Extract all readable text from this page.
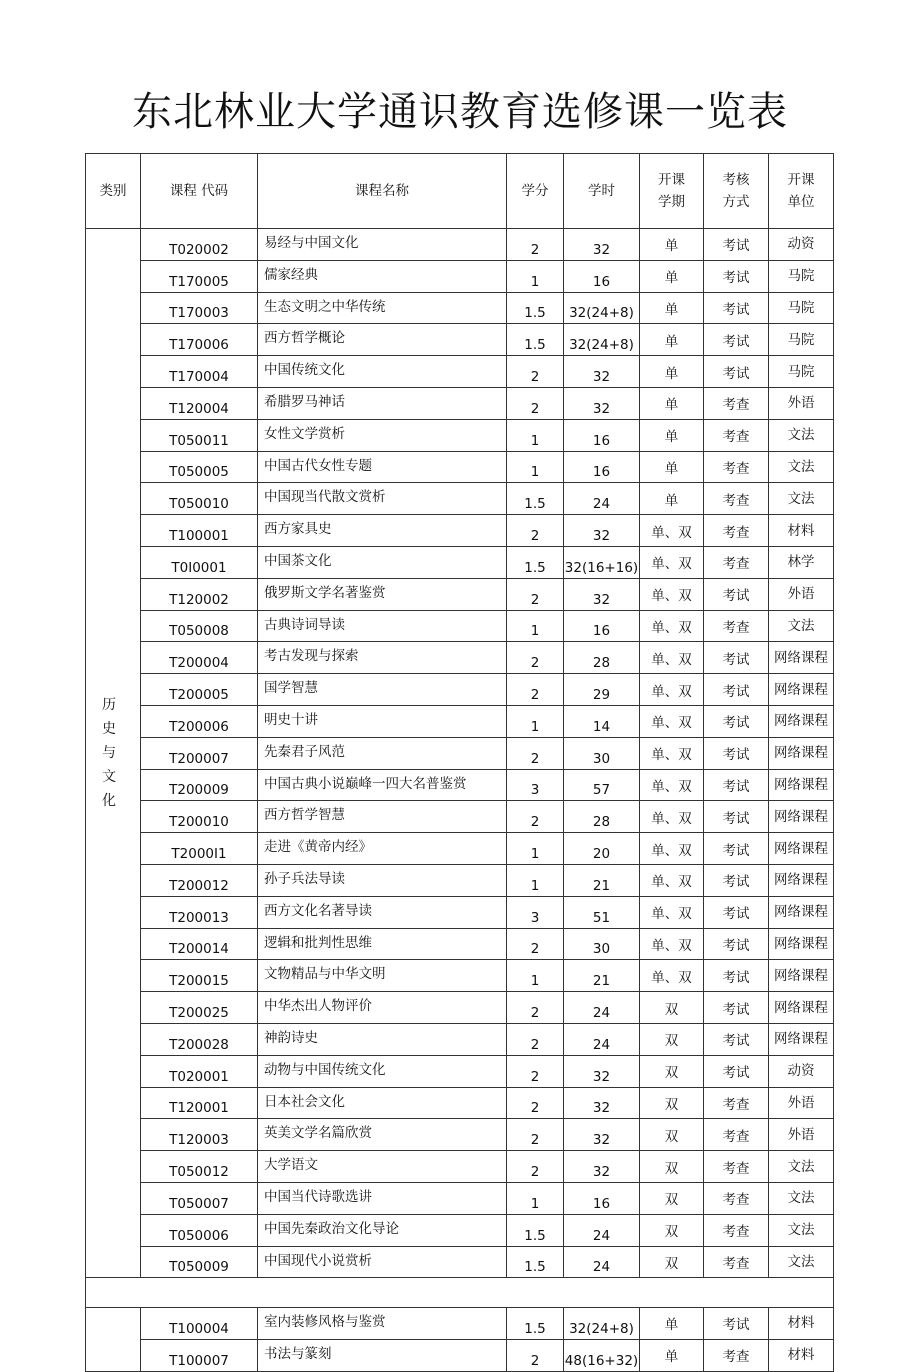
东北林业大学通识教育选修课一览表
类别	课程 代码	课程名称	学分	学时	开课学期	考核方式	开课单位
历 史 与 文 化	T020002	易经与中国文化	2	32	单	考试	动资
	T170005	儒家经典	1	16	单	考试	马院
	T170003	生态文明之中华传统	1.5	32(24+8)	单	考试	马院
	T170006	西方哲学概论	1.5	32(24+8)	单	考试	马院
	T170004	中国传统文化	2	32	单	考试	马院
	T120004	希腊罗马神话	2	32	单	考查	外语
	T050011	女性文学赏析	1	16	单	考查	文法
	T050005	中国古代女性专题	1	16	单	考查	文法
	T050010	中国现当代散文赏析	1.5	24	单	考查	文法
	T100001	西方家具史	2	32	单、双	考查	材料
	T0I0001	中国茶文化	1.5	32(16+16)	单、双	考查	林学
	T120002	俄罗斯文学名著鉴赏	2	32	单、双	考试	外语
	T050008	古典诗词导读	1	16	单、双	考查	文法
	T200004	考古发现与探索	2	28	单、双	考试	网络课程
	T200005	国学智慧	2	29	单、双	考试	网络课程
	T200006	明史十讲	1	14	单、双	考试	网络课程
	T200007	先秦君子风范	2	30	单、双	考试	网络课程
	T200009	中国古典小说巅峰一四大名普鉴赏	3	57	单、双	考试	网络课程
	T200010	西方哲学智慧	2	28	单、双	考试	网络课程
	T2000I1	走进《黄帝内经》	1	20	单、双	考试	网络课程
	T200012	孙子兵法导读	1	21	单、双	考试	网络课程
	T200013	西方文化名著导读	3	51	单、双	考试	网络课程
	T200014	逻辑和批判性思维	2	30	单、双	考试	网络课程
	T200015	文物精品与中华文明	1	21	单、双	考试	网络课程
	T200025	中华杰出人物评价	2	24	双	考试	网络课程
	T200028	神韵诗史	2	24	双	考试	网络课程
	T020001	动物与中国传统文化	2	32	双	考试	动资
	T120001	日本社会文化	2	32	双	考查	外语
	T120003	英美文学名篇欣赏	2	32	双	考查	外语
	T050012	大学语文	2	32	双	考查	文法
	T050007	中国当代诗歌选讲	1	16	双	考查	文法
	T050006	中国先秦政治文化导论	1.5	24	双	考查	文法
	T050009	中国现代小说赏析	1.5	24	双	考查	文法

	T100004	室内装修风格与鉴赏	1.5	32(24+8)	单	考试	材料
	T100007	书法与篆刻	2	48(16+32)	单	考查	材料
